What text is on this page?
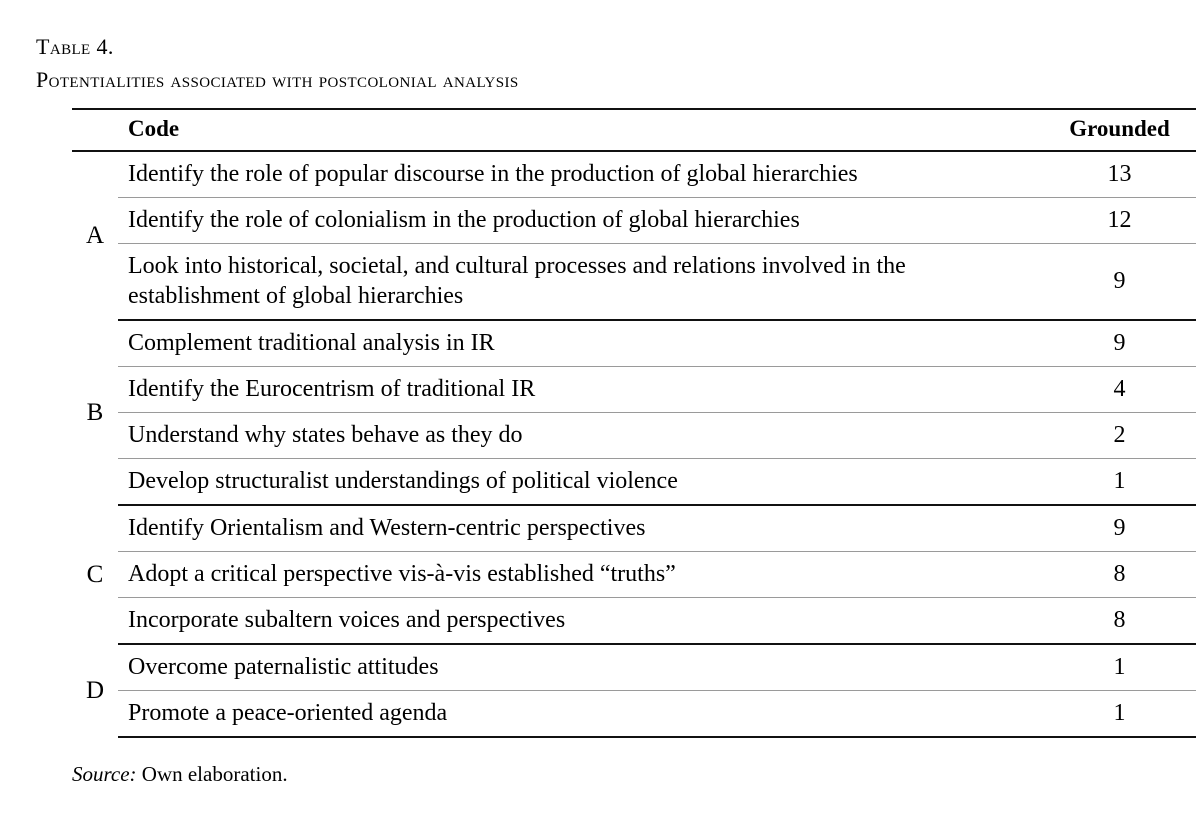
Table 4.
Potentialities associated with postcolonial analysis
	Code	Grounded
A	Identify the role of popular discourse in the production of global hierarchies	13
	Identify the role of colonialism in the production of global hierarchies	12
	Look into historical, societal, and cultural processes and relations involved in the establishment of global hierarchies	9
B	Complement traditional analysis in IR	9
	Identify the Eurocentrism of traditional IR	4
	Understand why states behave as they do	2
	Develop structuralist understandings of political violence	1
C	Identify Orientalism and Western-centric perspectives	9
	Adopt a critical perspective vis-à-vis established “truths”	8
	Incorporate subaltern voices and perspectives	8
D	Overcome paternalistic attitudes	1
	Promote a peace-oriented agenda	1
Source: Own elaboration.
